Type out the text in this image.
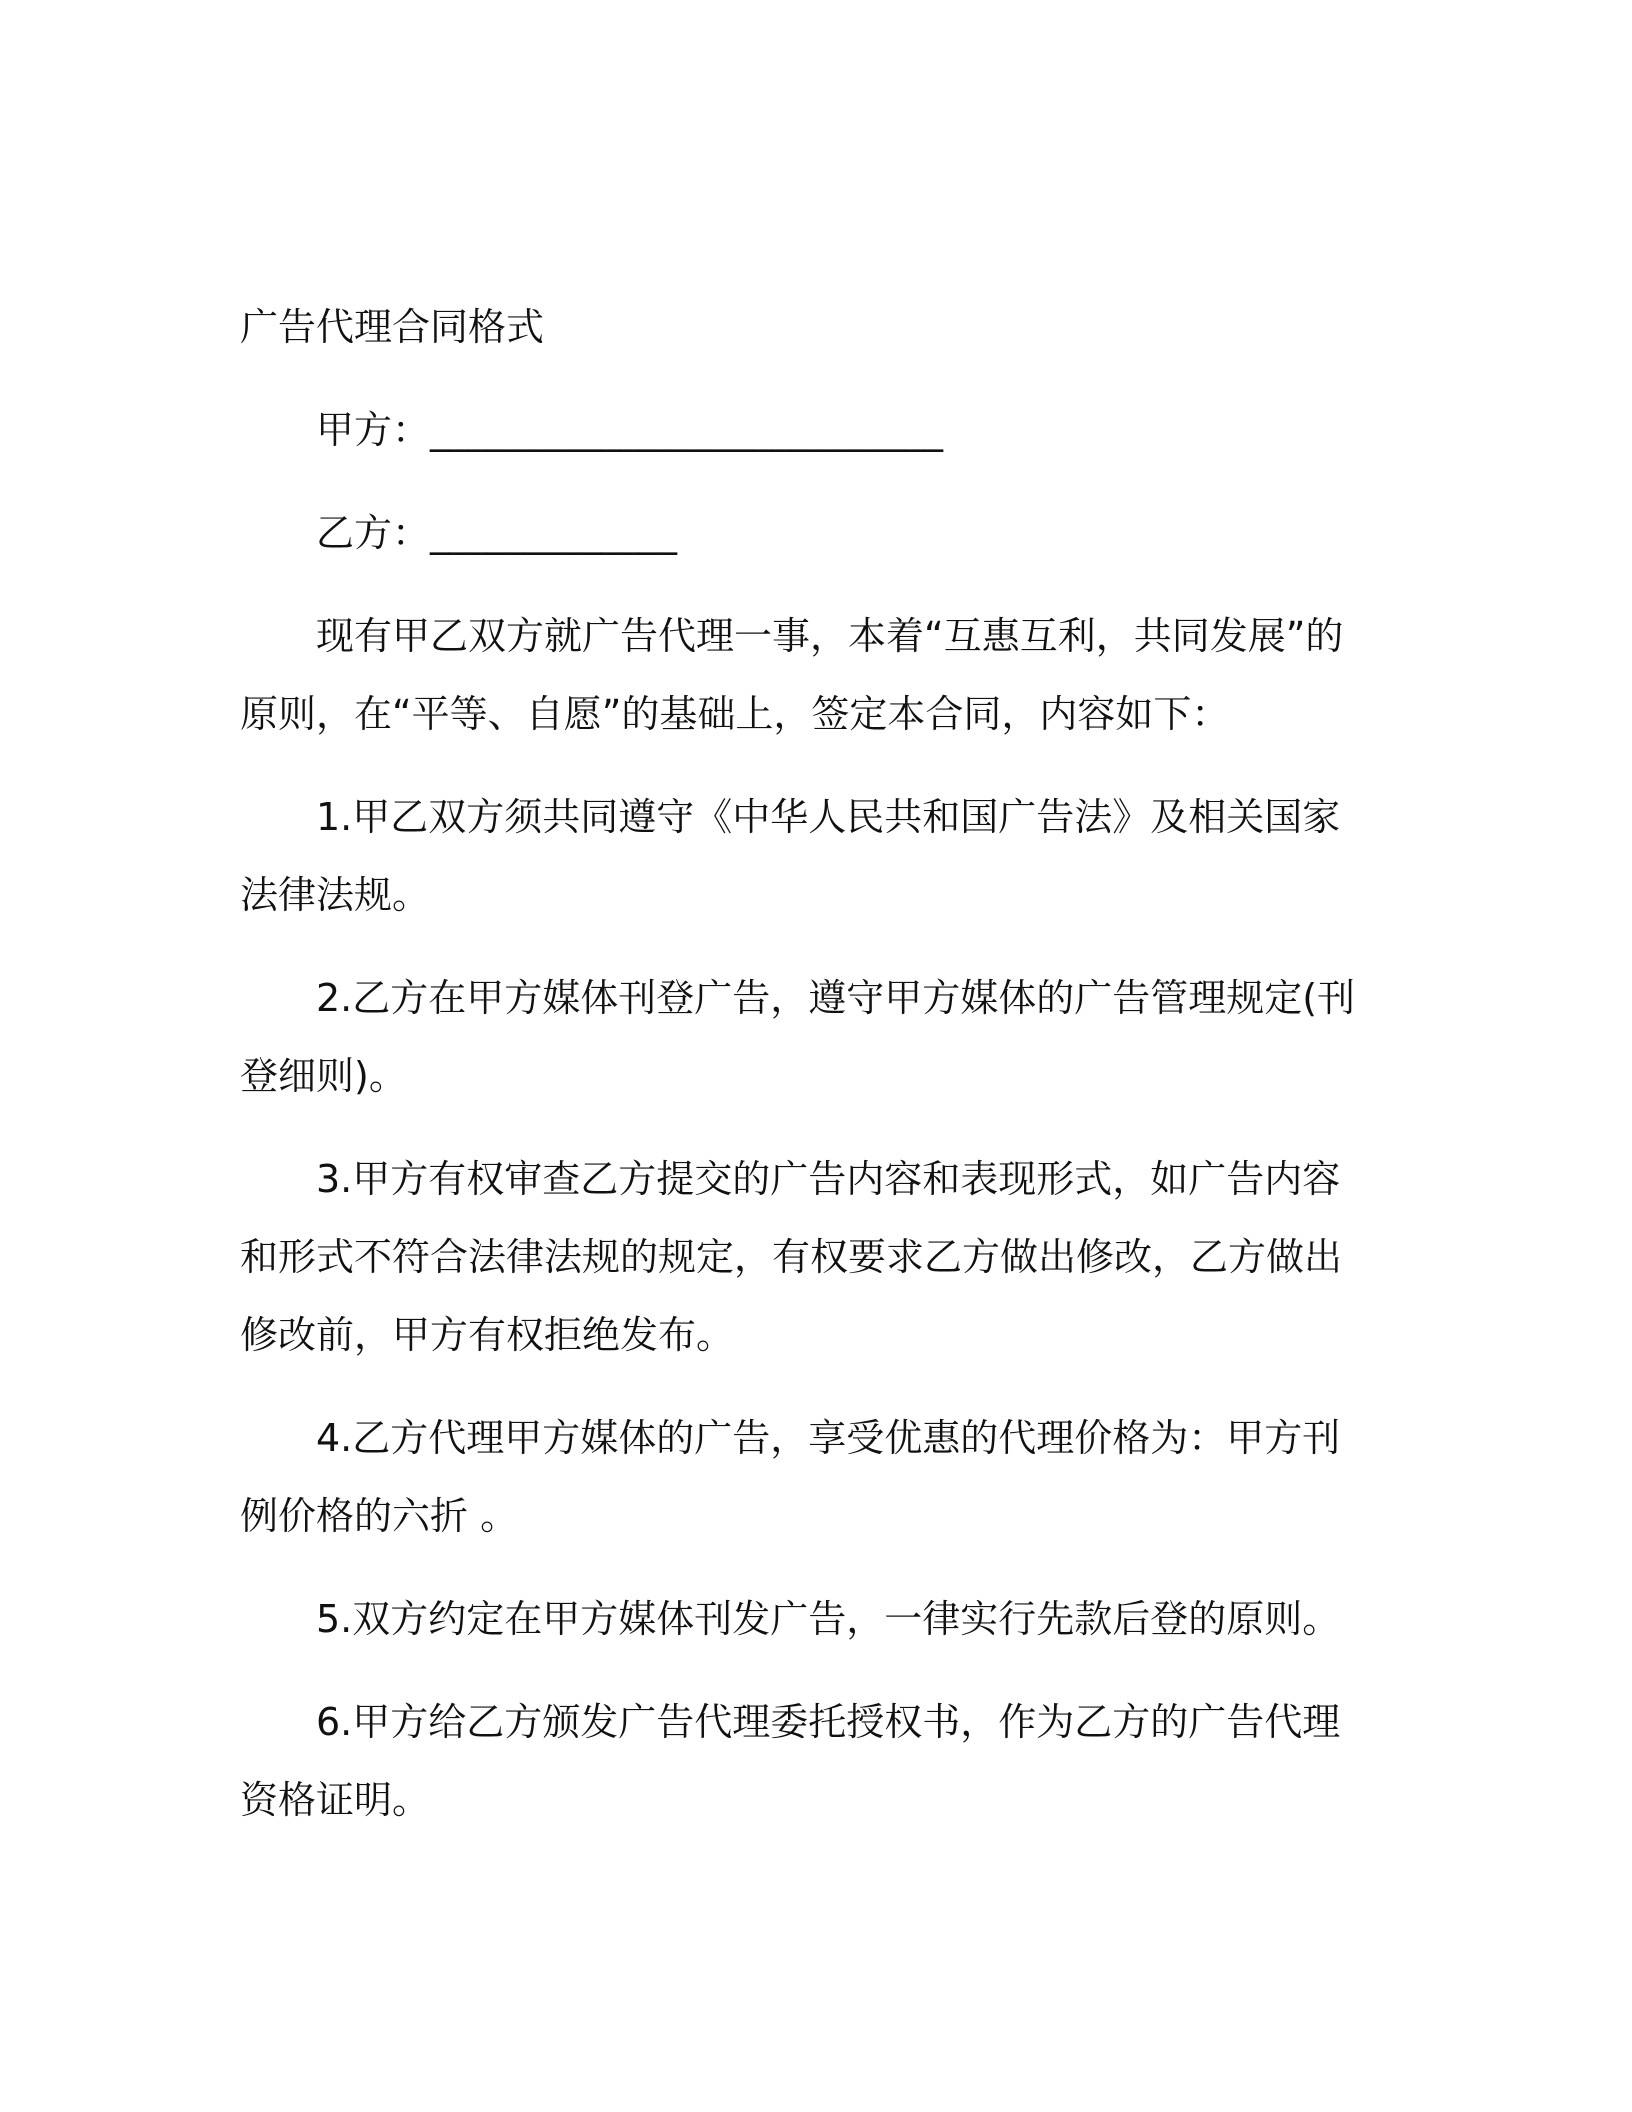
广告代理合同格式

甲方：___________________________

乙方：_____________

现有甲乙双方就广告代理一事，本着“互惠互利，共同发展”的原则，在“平等、自愿”的基础上，签定本合同，内容如下：

1.甲乙双方须共同遵守《中华人民共和国广告法》及相关国家法律法规。

2.乙方在甲方媒体刊登广告，遵守甲方媒体的广告管理规定(刊登细则)。

3.甲方有权审查乙方提交的广告内容和表现形式，如广告内容和形式不符合法律法规的规定，有权要求乙方做出修改，乙方做出修改前，甲方有权拒绝发布。

4.乙方代理甲方媒体的广告，享受优惠的代理价格为：甲方刊例价格的六折 。

5.双方约定在甲方媒体刊发广告，一律实行先款后登的原则。

6.甲方给乙方颁发广告代理委托授权书，作为乙方的广告代理资格证明。
